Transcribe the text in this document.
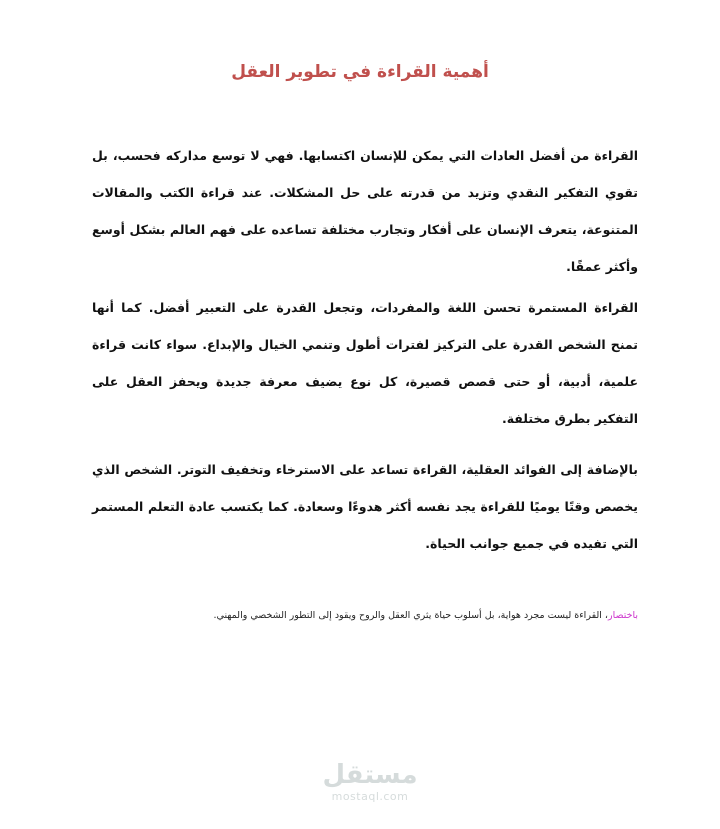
أهمية القراءة في تطوير العقل
القراءة من أفضل العادات التي يمكن للإنسان اكتسابها. فهي لا توسع مداركه فحسب، بل تقوي التفكير النقدي وتزيد من قدرته على حل المشكلات. عند قراءة الكتب والمقالات المتنوعة، يتعرف الإنسان على أفكار وتجارب مختلفة تساعده على فهم العالم بشكل أوسع وأكثر عمقًا.
القراءة المستمرة تحسن اللغة والمفردات، وتجعل القدرة على التعبير أفضل. كما أنها تمنح الشخص القدرة على التركيز لفترات أطول وتنمي الخيال والإبداع. سواء كانت قراءة علمية، أدبية، أو حتى قصص قصيرة، كل نوع يضيف معرفة جديدة ويحفز العقل على التفكير بطرق مختلفة.
بالإضافة إلى الفوائد العقلية، القراءة تساعد على الاسترخاء وتخفيف التوتر. الشخص الذي يخصص وقتًا يوميًا للقراءة يجد نفسه أكثر هدوءًا وسعادة. كما يكتسب عادة التعلم المستمر التي تفيده في جميع جوانب الحياة.
باختصار، القراءة ليست مجرد هواية، بل أسلوب حياة يثري العقل والروح ويقود إلى التطور الشخصي والمهني.
مستقل
mostaql.com
